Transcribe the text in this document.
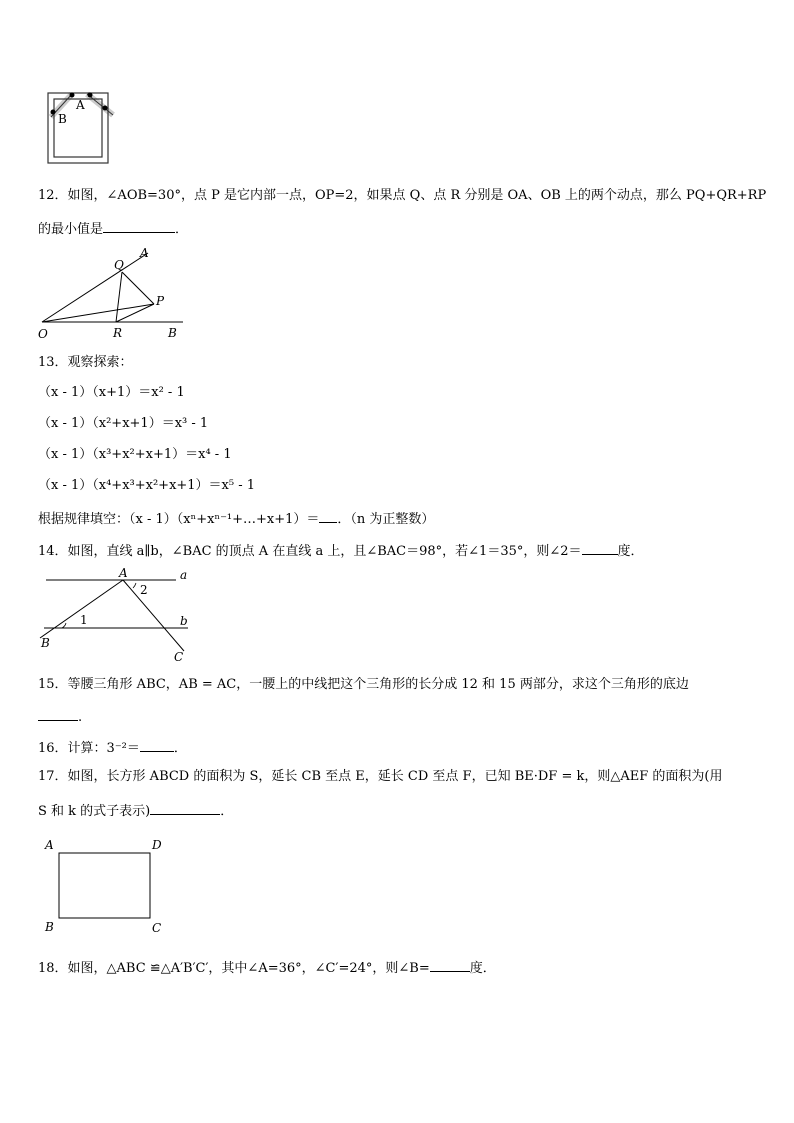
A
B
12．如图，∠AOB=30°，点 P 是它内部一点，OP=2，如果点 Q、点 R 分别是 OA、OB 上的两个动点，那么 PQ+QR+RP
的最小值是	．
Q
A
P
O	R	B
13．观察探索：
（x - 1）（x+1）＝x² - 1
（x - 1）（x²+x+1）＝x³ - 1
（x - 1）（x³+x²+x+1）＝x⁴ - 1
（x - 1）（x⁴+x³+x²+x+1）＝x⁵ - 1
根据规律填空：（x - 1）（xⁿ+xⁿ⁻¹+…+x+1）＝ ．（n 为正整数）
14．如图，直线 a∥b，∠BAC 的顶点 A 在直线 a 上，且∠BAC＝98°，若∠1＝35°，则∠2＝	度．
A	a
2
1	b
B
C
15．等腰三角形 ABC，AB = AC，一腰上的中线把这个三角形的长分成 12 和 15 两部分，求这个三角形的底边
.
16．计算：3⁻²＝	．
17．如图，长方形 ABCD 的面积为 S，延长 CB 至点 E，延长 CD 至点 F，已知 BE·DF = k，则△AEF 的面积为(用
S 和 k 的式子表示)	．
A	D
B	C
18．如图，△ABC ≌△A′B′C′，其中∠A=36°，∠C′=24°，则∠B=	度．
